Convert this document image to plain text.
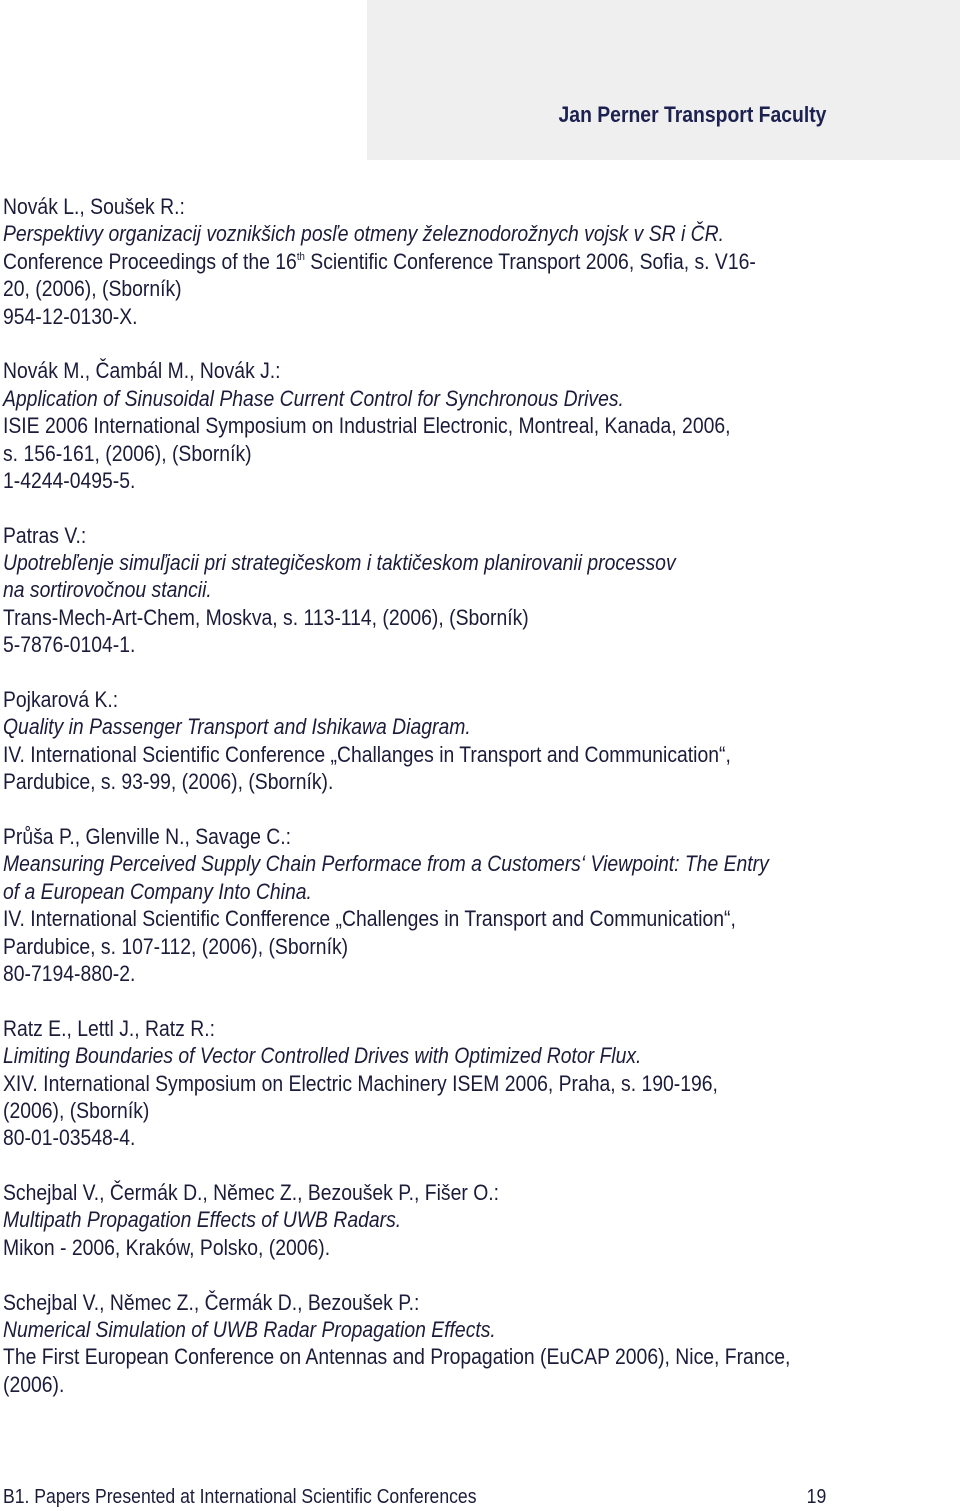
Jan Perner Transport Faculty
Novák L., Soušek R.:
Perspektivy organizacij voznikšich posľe otmeny železnodorožnych vojsk v SR i ČR.
Conference Proceedings of the 16th Scientific Conference Transport 2006, Sofia, s. V16-
20, (2006), (Sborník)
954-12-0130-X.
Novák M., Čambál M., Novák J.:
Application of Sinusoidal Phase Current Control for Synchronous Drives.
ISIE 2006 International Symposium on Industrial Electronic, Montreal, Kanada, 2006,
s. 156-161, (2006), (Sborník)
1-4244-0495-5.
Patras V.:
Upotrebľenje simuľjacii pri strategičeskom i taktičeskom planirovanii processov
na sortirovočnou stancii.
Trans-Mech-Art-Chem, Moskva, s. 113-114, (2006), (Sborník)
5-7876-0104-1.
Pojkarová K.:
Quality in Passenger Transport and Ishikawa Diagram.
IV. International Scientific Conference „Challanges in Transport and Communication“,
Pardubice, s. 93-99, (2006), (Sborník).
Průša P., Glenville N., Savage C.:
Meansuring Perceived Supply Chain Performace from a Customers‘ Viewpoint: The Entry
of a European Company Into China.
IV. International Scientific Confference „Challenges in Transport and Communication“,
Pardubice, s. 107-112, (2006), (Sborník)
80-7194-880-2.
Ratz E., Lettl J., Ratz R.:
Limiting Boundaries of Vector Controlled Drives with Optimized Rotor Flux.
XIV. International Symposium on Electric Machinery ISEM 2006, Praha, s. 190-196,
(2006), (Sborník)
80-01-03548-4.
Schejbal V., Čermák D., Němec Z., Bezoušek P., Fišer O.:
Multipath Propagation Effects of UWB Radars.
Mikon - 2006, Kraków, Polsko, (2006).
Schejbal V., Němec Z., Čermák D., Bezoušek P.:
Numerical Simulation of UWB Radar Propagation Effects.
The First European Conference on Antennas and Propagation (EuCAP 2006), Nice, France,
(2006).
B1. Papers Presented at International Scientific Conferences	19
